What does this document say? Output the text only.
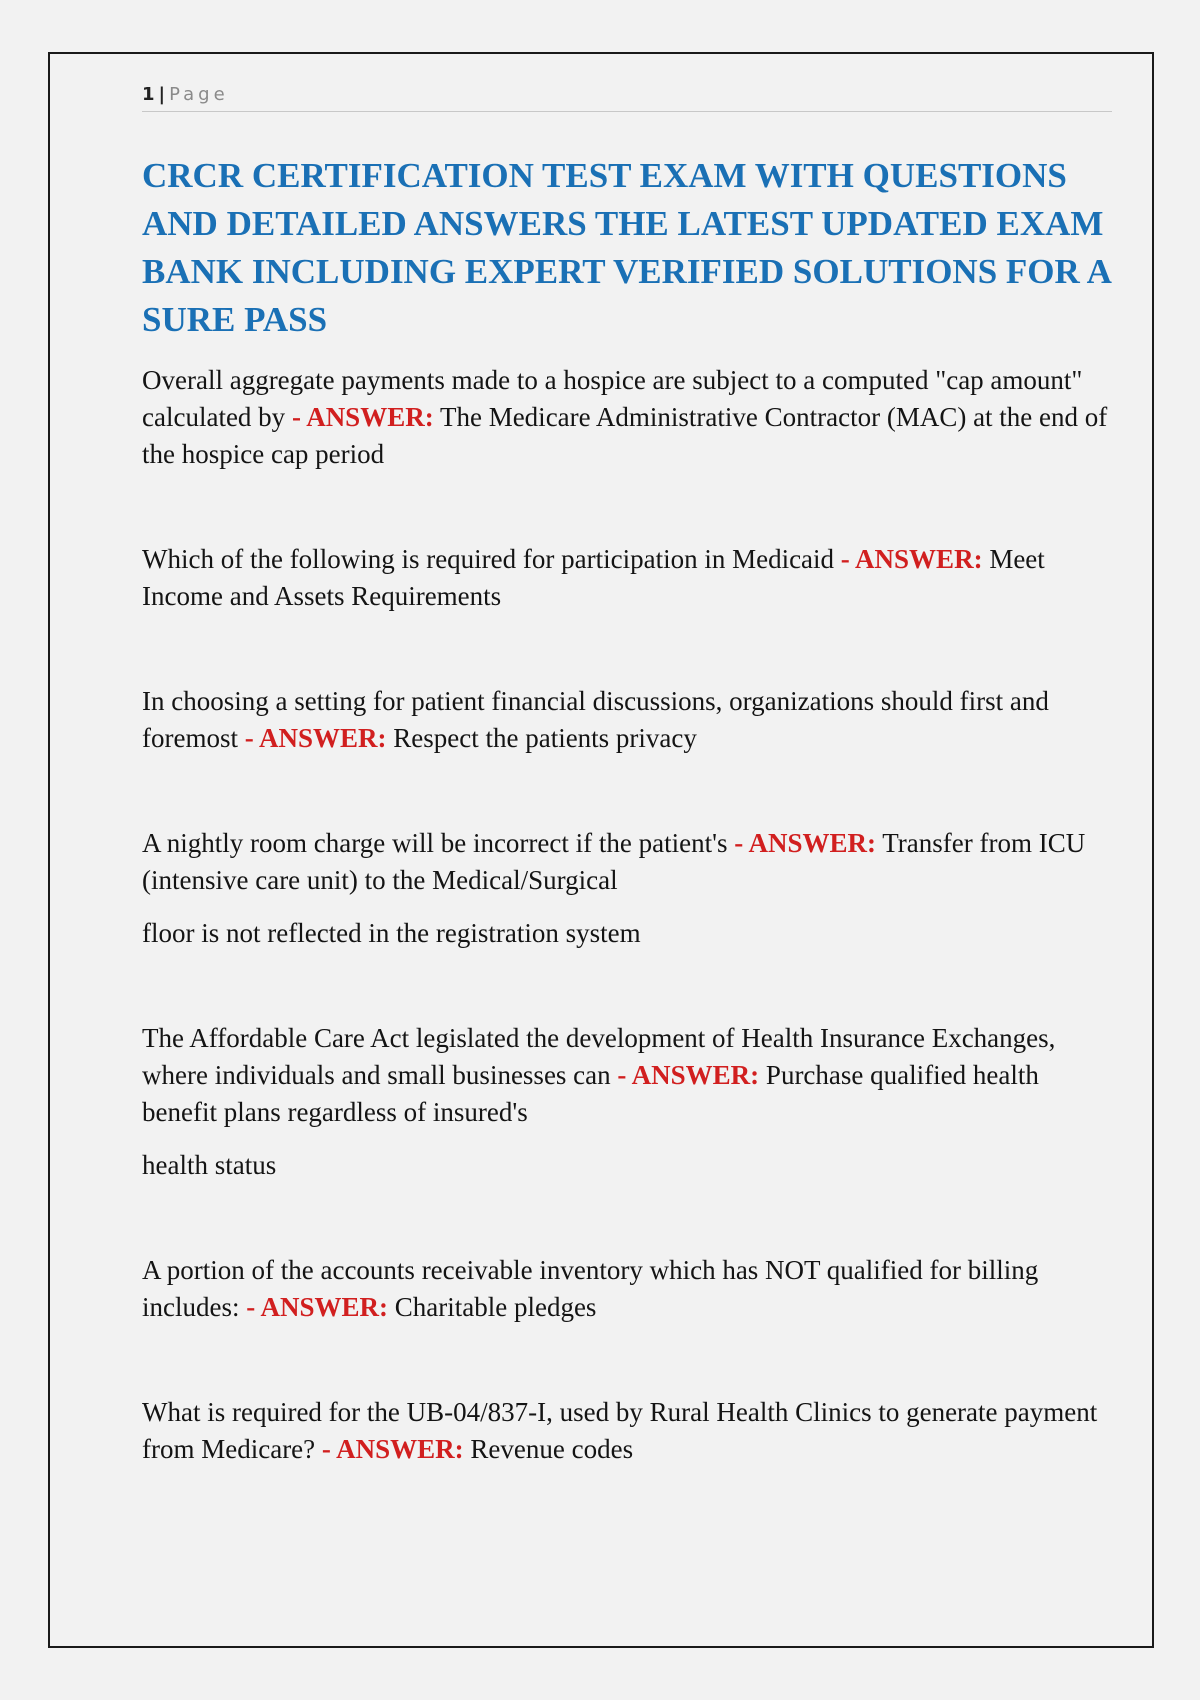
1 | Page
CRCR CERTIFICATION TEST EXAM WITH QUESTIONS AND DETAILED ANSWERS THE LATEST UPDATED EXAM BANK INCLUDING EXPERT VERIFIED SOLUTIONS FOR A SURE PASS

Overall aggregate payments made to a hospice are subject to a computed "cap amount" calculated by - ANSWER: The Medicare Administrative Contractor (MAC) at the end of the hospice cap period

Which of the following is required for participation in Medicaid - ANSWER: Meet Income and Assets Requirements

In choosing a setting for patient financial discussions, organizations should first and foremost - ANSWER: Respect the patients privacy

A nightly room charge will be incorrect if the patient's - ANSWER: Transfer from ICU (intensive care unit) to the Medical/Surgical

floor is not reflected in the registration system

The Affordable Care Act legislated the development of Health Insurance Exchanges, where individuals and small businesses can - ANSWER: Purchase qualified health benefit plans regardless of insured's

health status

A portion of the accounts receivable inventory which has NOT qualified for billing includes: - ANSWER: Charitable pledges

What is required for the UB-04/837-I, used by Rural Health Clinics to generate payment from Medicare? - ANSWER: Revenue codes
